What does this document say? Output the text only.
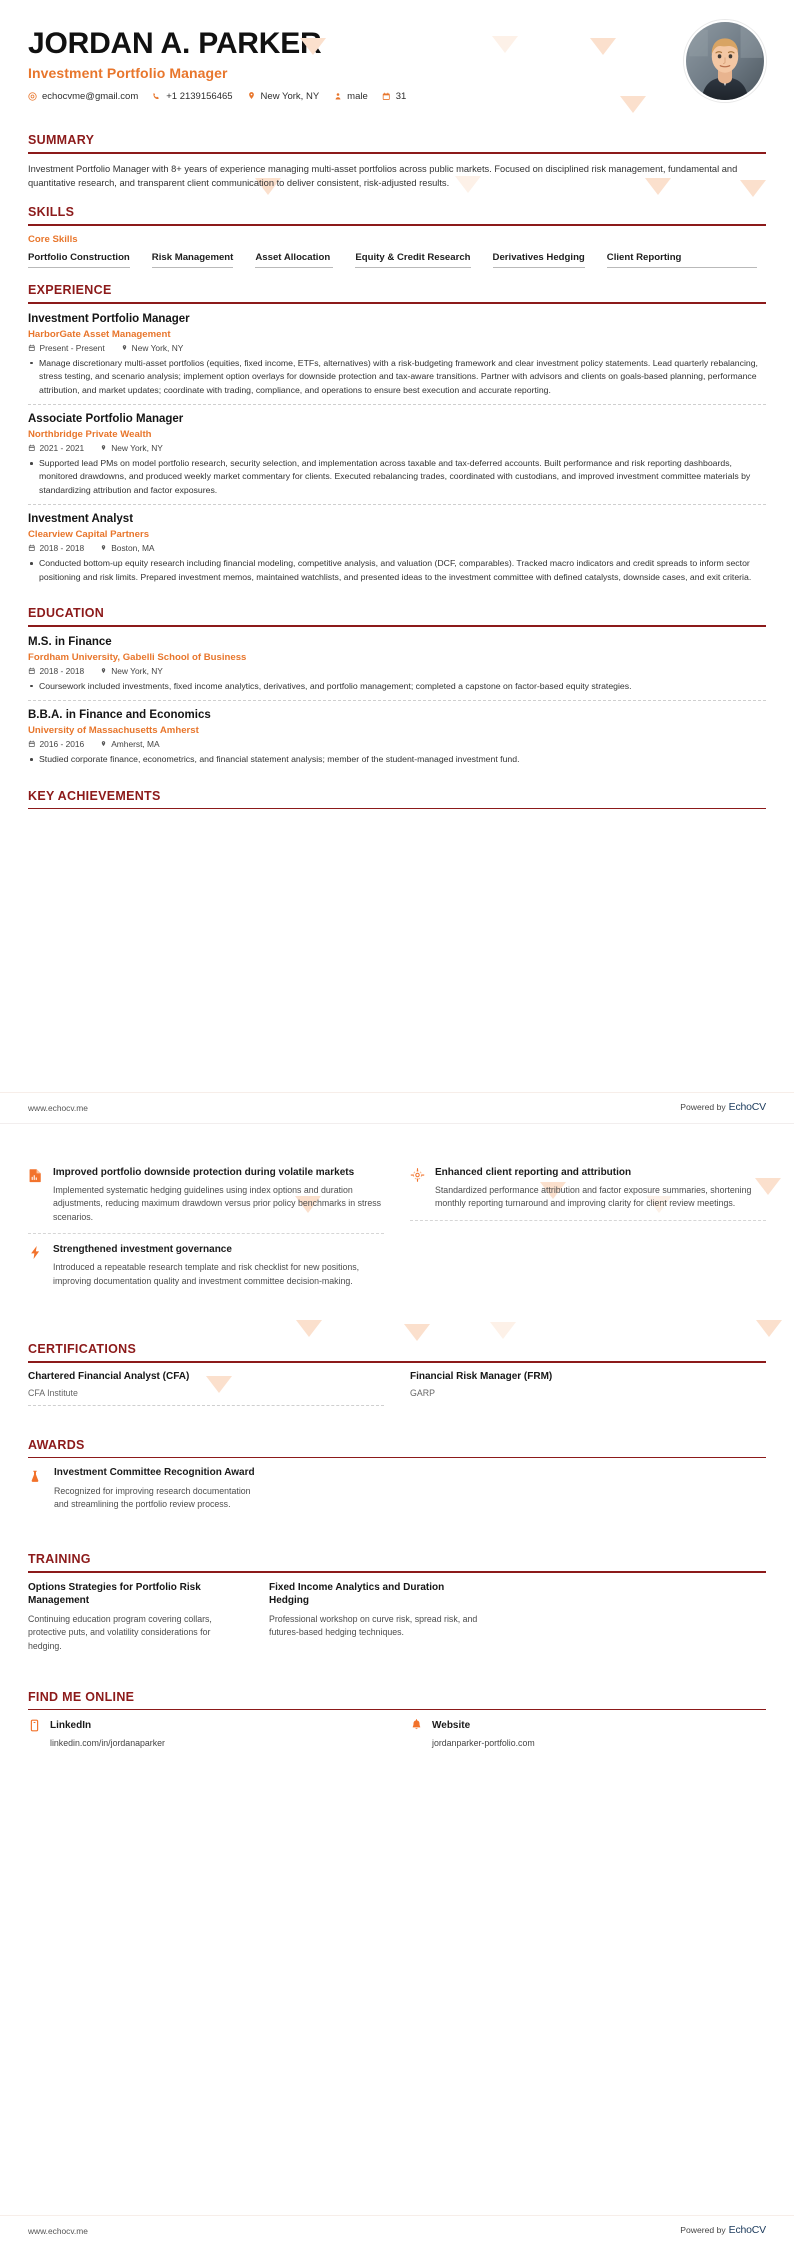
JORDAN A. PARKER
Investment Portfolio Manager
echocvme@gmail.com	+1 2139156465	New York, NY	male	31
SUMMARY
Investment Portfolio Manager with 8+ years of experience managing multi-asset portfolios across public markets. Focused on disciplined risk management, fundamental and quantitative research, and transparent client communication to deliver consistent, risk-adjusted results.
SKILLS
Core Skills
Portfolio Construction Risk Management Asset Allocation	Equity & Credit Research Derivatives Hedging Client Reporting
EXPERIENCE
Investment Portfolio Manager
HarborGate Asset Management
Present - Present	New York, NY
Manage discretionary multi-asset portfolios (equities, fixed income, ETFs, alternatives) with a risk-budgeting framework and clear investment policy statements. Lead quarterly rebalancing, stress testing, and scenario analysis; implement option overlays for downside protection and tax-aware transitions. Partner with advisors and clients on goals-based planning, performance attribution, and market updates; coordinate with trading, compliance, and operations to ensure best execution and accurate reporting.
Associate Portfolio Manager
Northbridge Private Wealth
2021 - 2021	New York, NY
Supported lead PMs on model portfolio research, security selection, and implementation across taxable and tax-deferred accounts. Built performance and risk reporting dashboards, monitored drawdowns, and produced weekly market commentary for clients. Executed rebalancing trades, coordinated with custodians, and improved investment committee materials by standardizing attribution and factor exposures.
Investment Analyst
Clearview Capital Partners
2018 - 2018	Boston, MA
Conducted bottom-up equity research including financial modeling, competitive analysis, and valuation (DCF, comparables). Tracked macro indicators and credit spreads to inform sector positioning and risk limits. Prepared investment memos, maintained watchlists, and presented ideas to the investment committee with defined catalysts, downside cases, and exit criteria.
EDUCATION
M.S. in Finance
Fordham University, Gabelli School of Business
2018 - 2018	New York, NY
Coursework included investments, fixed income analytics, derivatives, and portfolio management; completed a capstone on factor-based equity strategies.
B.B.A. in Finance and Economics
University of Massachusetts Amherst
2016 - 2016	Amherst, MA
Studied corporate finance, econometrics, and financial statement analysis; member of the student-managed investment fund.
KEY ACHIEVEMENTS
www.echocv.me	Powered by EchoCV
Improved portfolio downside protection during volatile markets
Implemented systematic hedging guidelines using index options and duration adjustments, reducing maximum drawdown versus prior policy benchmarks in stress scenarios.
Strengthened investment governance
Introduced a repeatable research template and risk checklist for new positions, improving documentation quality and investment committee decision-making.
Enhanced client reporting and attribution
Standardized performance attribution and factor exposure summaries, shortening monthly reporting turnaround and improving clarity for client review meetings.
CERTIFICATIONS
Chartered Financial Analyst (CFA)
CFA Institute
Financial Risk Manager (FRM)
GARP
AWARDS
Investment Committee Recognition Award
Recognized for improving research documentation and streamlining the portfolio review process.
TRAINING
Options Strategies for Portfolio Risk Management
Continuing education program covering collars, protective puts, and volatility considerations for hedging.
Fixed Income Analytics and Duration Hedging
Professional workshop on curve risk, spread risk, and futures-based hedging techniques.
FIND ME ONLINE
LinkedIn
linkedin.com/in/jordanaparker
Website
jordanparker-portfolio.com
www.echocv.me	Powered by EchoCV
